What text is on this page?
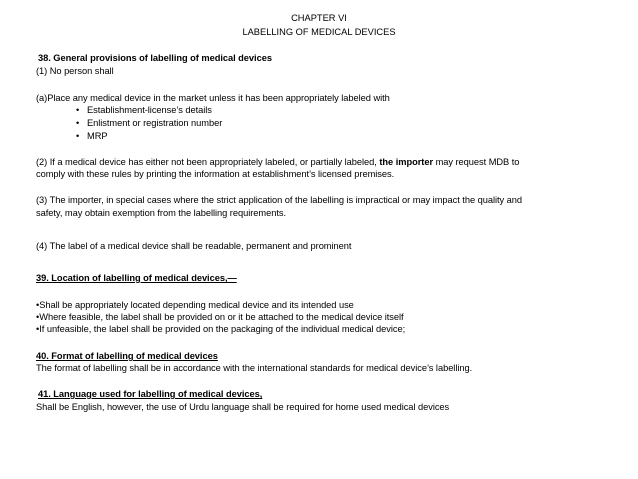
CHAPTER VI
LABELLING OF MEDICAL DEVICES
38. General provisions of labelling of medical devices
(1) No person shall
(a)Place any medical device in the market unless it has been appropriately labeled with
• Establishment-license’s details
• Enlistment or registration number
• MRP
(2) If a medical device has either not been appropriately labeled, or partially labeled, the importer may request MDB to
comply with these rules by printing the information at establishment’s licensed premises.
(3) The importer, in special cases where the strict application of the labelling is impractical or may impact the quality and
safety, may obtain exemption from the labelling requirements.
(4) The label of a medical device shall be readable, permanent and prominent
39. Location of labelling of medical devices,—
•Shall be appropriately located depending medical device and its intended use
•Where feasible, the label shall be provided on or it be attached to the medical device itself
•If unfeasible, the label shall be provided on the packaging of the individual medical device;
40. Format of labelling of medical devices
The format of labelling shall be in accordance with the international standards for medical device’s labelling.
41. Language used for labelling of medical devices,
Shall be English, however, the use of Urdu language shall be required for home used medical devices
